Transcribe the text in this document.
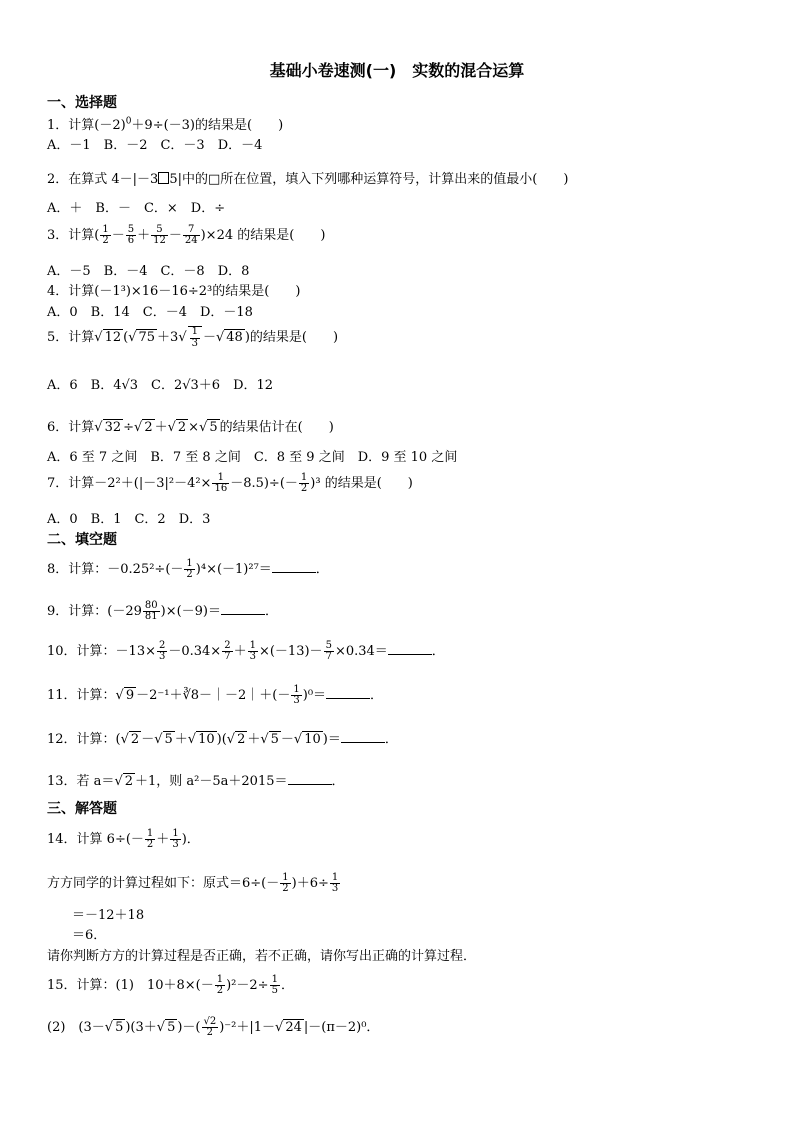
基础小卷速测(一)　实数的混合运算
一、选择题
1．计算$(-2)^0+9\div(-3)$的结果是(　　)
A．－1　B．－2　C．－3　D．－4
2．在算式 4－|－3 5|中的□所在位置，填入下列哪种运算符号，计算出来的值最小(　　)
A．＋　B．－　C．×　D．÷
3．计算( $\frac{1}{2} - \frac{5}{6} + \frac{5}{12} - \frac{7}{24} )\times 24$ 的结果是(　　)
A．－5　B．－4　C．－8　D．8
4．计算(－1³)×16－16÷2³的结果是(　　)
A．0　B．14　C．－4　D．－18
5．计算√ 12 (√ $75 +3√ \frac{1}{3}$ －√ 48 )的结果是(　　)
A．6　B．4√3　C．2√3＋6　D．12
6．计算√ 32 ÷√ 2 ＋√ 2 ×√ 5 的结果估计在(　　)
A．6 至 7 之间　B．7 至 8 之间　C．8 至 9 之间　D．9 至 10 之间
7．计算$-2^2+(|-3|^2-4^2\times \frac{1}{16} -8.5)\div(- \frac{1}{2} )^3$ 的结果是(　　)
A．0　B．1　C．2　D．3
二、填空题
8．计算：$-0.25^2\div(- \frac{1}{2} )^4\times(-1)^{27}=$	．
9．计算：$(-29 \frac{80}{81} )\times(-9)=$	．
10．计算：$-13\times \frac{2}{3} -0.34\times \frac{2}{7} + \frac{1}{3} \times(-13)- \frac{5}{7} \times 0.34=$	．
11．计算：√ 9 －2⁻¹＋∛8－｜－2｜＋(－ $\frac{1}{3} )^0=$	．
12．计算：(√ 2 －√ 5 ＋√ 10 )(√ 2 ＋√ 5 －√ 10 )＝	．
13．若 a＝√ 2 ＋1，则 a²－5a＋2015＝	．
三、解答题
14．计算 $6\div(- \frac{1}{2} + \frac{1}{3}$ )．
方方同学的计算过程如下：原式$=6\div(- \frac{1}{2} )+6\div \frac{1}{3}$
＝－12＋18
＝6．
请你判断方方的计算过程是否正确，若不正确，请你写出正确的计算过程．
15．计算：(1)　$10+8\times(- \frac{1}{2} )^2-2\div \frac{1}{5}$ ．
(2)　(3－√ 5 )(3＋√ 5 )－( $\frac{√2}{2} )^{-2}+|1-√$ 24 |－(π－2)⁰．
